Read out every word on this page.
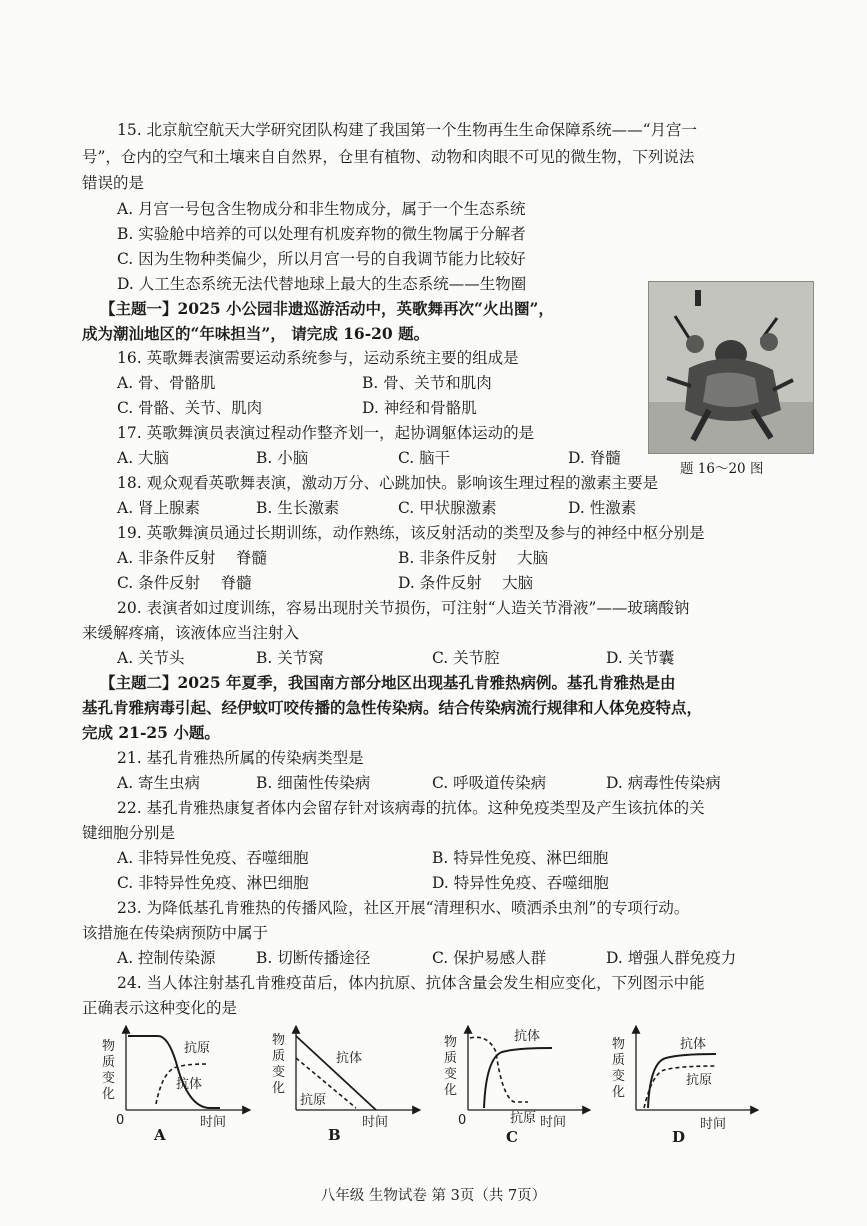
15. 北京航空航天大学研究团队构建了我国第一个生物再生生命保障系统——“月宫一
号”，仓内的空气和土壤来自自然界，仓里有植物、动物和肉眼不可见的微生物，下列说法
错误的是
A. 月宫一号包含生物成分和非生物成分，属于一个生态系统
B. 实验舱中培养的可以处理有机废弃物的微生物属于分解者
C. 因为生物种类偏少，所以月宫一号的自我调节能力比较好
D. 人工生态系统无法代替地球上最大的生态系统——生物圈
【主题一】2025 小公园非遗巡游活动中，英歌舞再次“火出圈”，
成为潮汕地区的“年味担当”， 请完成 16-20 题。
题 16～20 图
16. 英歌舞表演需要运动系统参与，运动系统主要的组成是
A. 骨、骨骼肌	B. 骨、关节和肌肉
C. 骨骼、关节、肌肉	D. 神经和骨骼肌
17. 英歌舞演员表演过程动作整齐划一，起协调躯体运动的是
A. 大脑	B. 小脑	C. 脑干	D. 脊髓
18. 观众观看英歌舞表演，激动万分、心跳加快。影响该生理过程的激素主要是
A. 肾上腺素	B. 生长激素	C. 甲状腺激素	D. 性激素
19. 英歌舞演员通过长期训练，动作熟练，该反射活动的类型及参与的神经中枢分别是
A. 非条件反射　 脊髓	B. 非条件反射　 大脑
C. 条件反射　 脊髓	D. 条件反射　 大脑
20. 表演者如过度训练，容易出现肘关节损伤，可注射“人造关节滑液”——玻璃酸钠
来缓解疼痛，该液体应当注射入
A. 关节头	B. 关节窝	C. 关节腔	D. 关节囊
【主题二】2025 年夏季，我国南方部分地区出现基孔肯雅热病例。基孔肯雅热是由
基孔肯雅病毒引起、经伊蚊叮咬传播的急性传染病。结合传染病流行规律和人体免疫特点，
完成 21-25 小题。
21. 基孔肯雅热所属的传染病类型是
A. 寄生虫病	B. 细菌性传染病	C. 呼吸道传染病	D. 病毒性传染病
22. 基孔肯雅热康复者体内会留存针对该病毒的抗体。这种免疫类型及产生该抗体的关
键细胞分别是
A. 非特异性免疫、吞噬细胞	B. 特异性免疫、淋巴细胞
C. 非特异性免疫、淋巴细胞	D. 特异性免疫、吞噬细胞
23. 为降低基孔肯雅热的传播风险，社区开展“清理积水、喷洒杀虫剂”的专项行动。
该措施在传染病预防中属于
A. 控制传染源	B. 切断传播途径	C. 保护易感人群	D. 增强人群免疫力
24. 当人体注射基孔肯雅疫苗后，体内抗原、抗体含量会发生相应变化，下列图示中能
正确表示这种变化的是
物
质
变
化
0	时间
抗原
抗体
A
物
质
变
化
时间
抗体
抗原
B
物
质
变
化
0	时间
抗体
抗原
C
物
质
变
化
时间
抗体
抗原
D
八年级 生物试卷 第 3页（共 7页）
